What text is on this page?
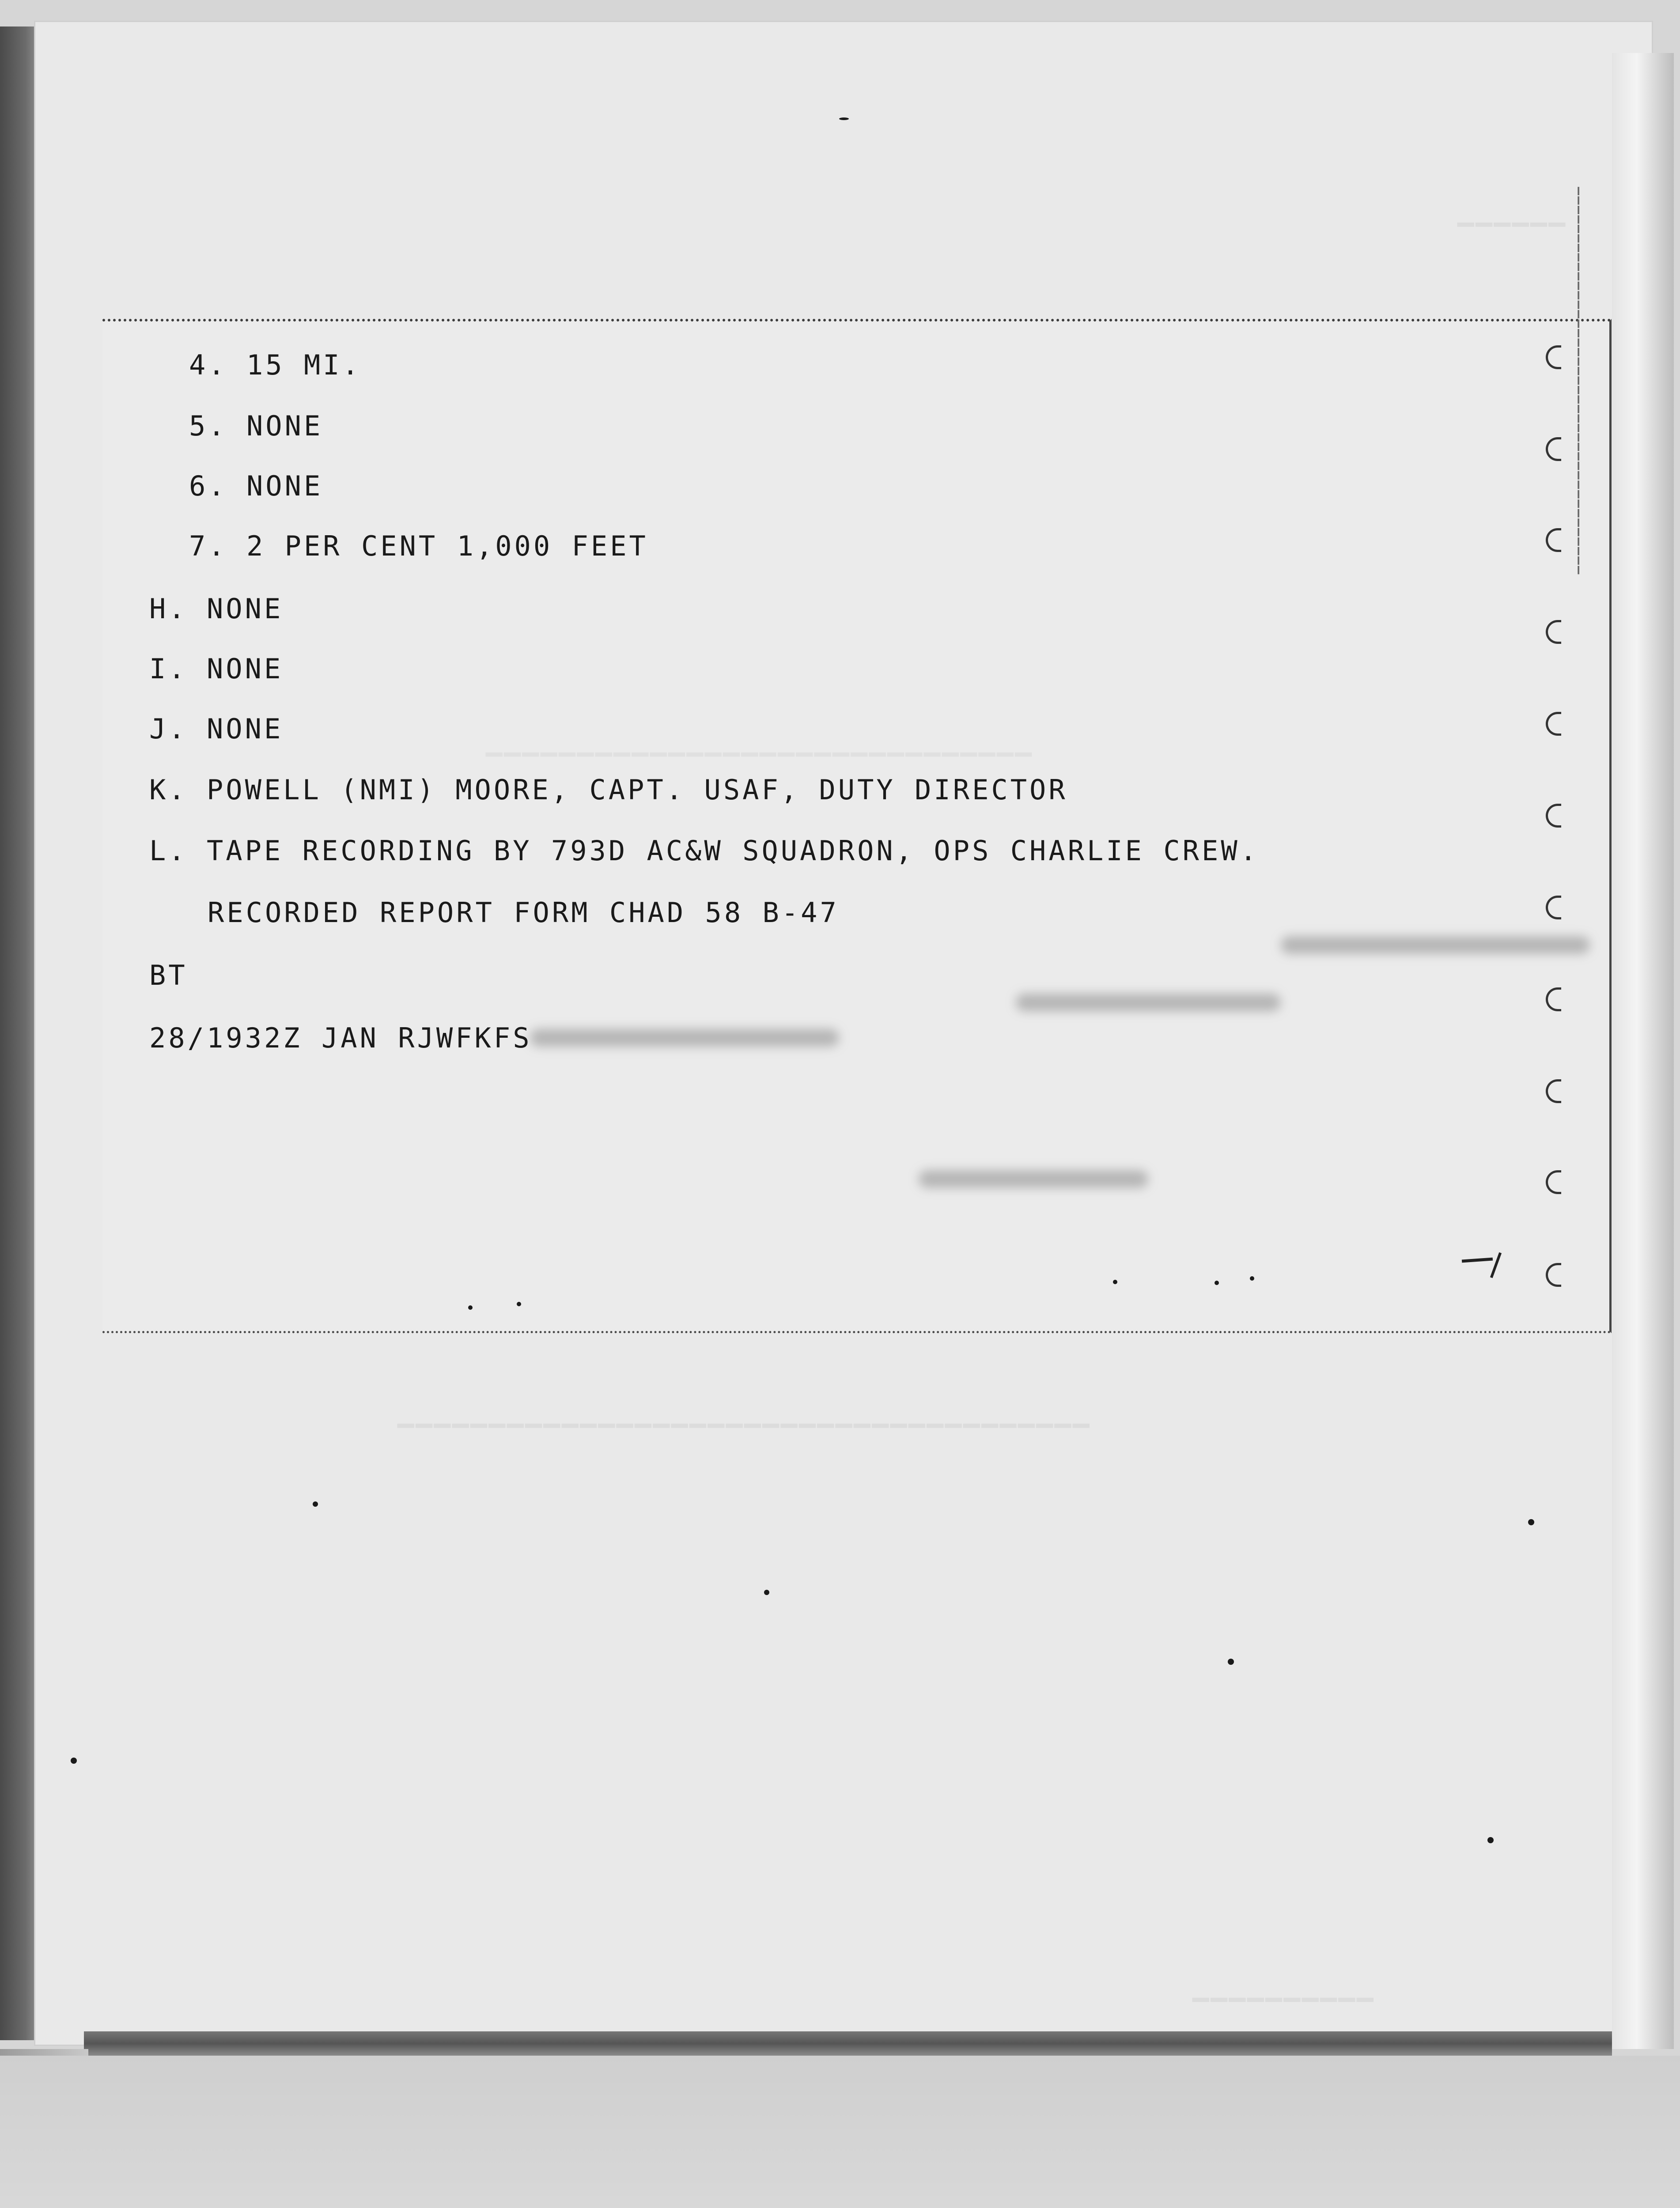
▁▁▁▁▁▁
▁▁▁▁▁▁▁▁▁▁▁▁▁▁▁▁▁▁▁▁▁▁▁▁▁▁▁▁▁▁
▁▁▁▁▁▁▁▁▁▁▁▁▁▁▁▁▁▁▁▁▁▁▁▁▁▁▁▁▁▁▁▁▁▁▁▁▁▁
▁▁▁▁▁▁▁▁▁▁
▁▁▁▁▁▁▁▁▁▁▁▁▁▁▁▁▁▁▁▁▁▁▁▁▁▁▁▁▁▁▁▁▁▁▁▁▁▁▁▁▁
4. 15 MI.
5. NONE
6. NONE
7. 2 PER CENT 1,000 FEET
H. NONE
I. NONE
J. NONE
K. POWELL (NMI) MOORE, CAPT. USAF, DUTY DIRECTOR
L. TAPE RECORDING BY 793D AC&W SQUADRON, OPS CHARLIE CREW.
RECORDED REPORT FORM CHAD 58 B-47
BT
28/1932Z JAN RJWFKFS
